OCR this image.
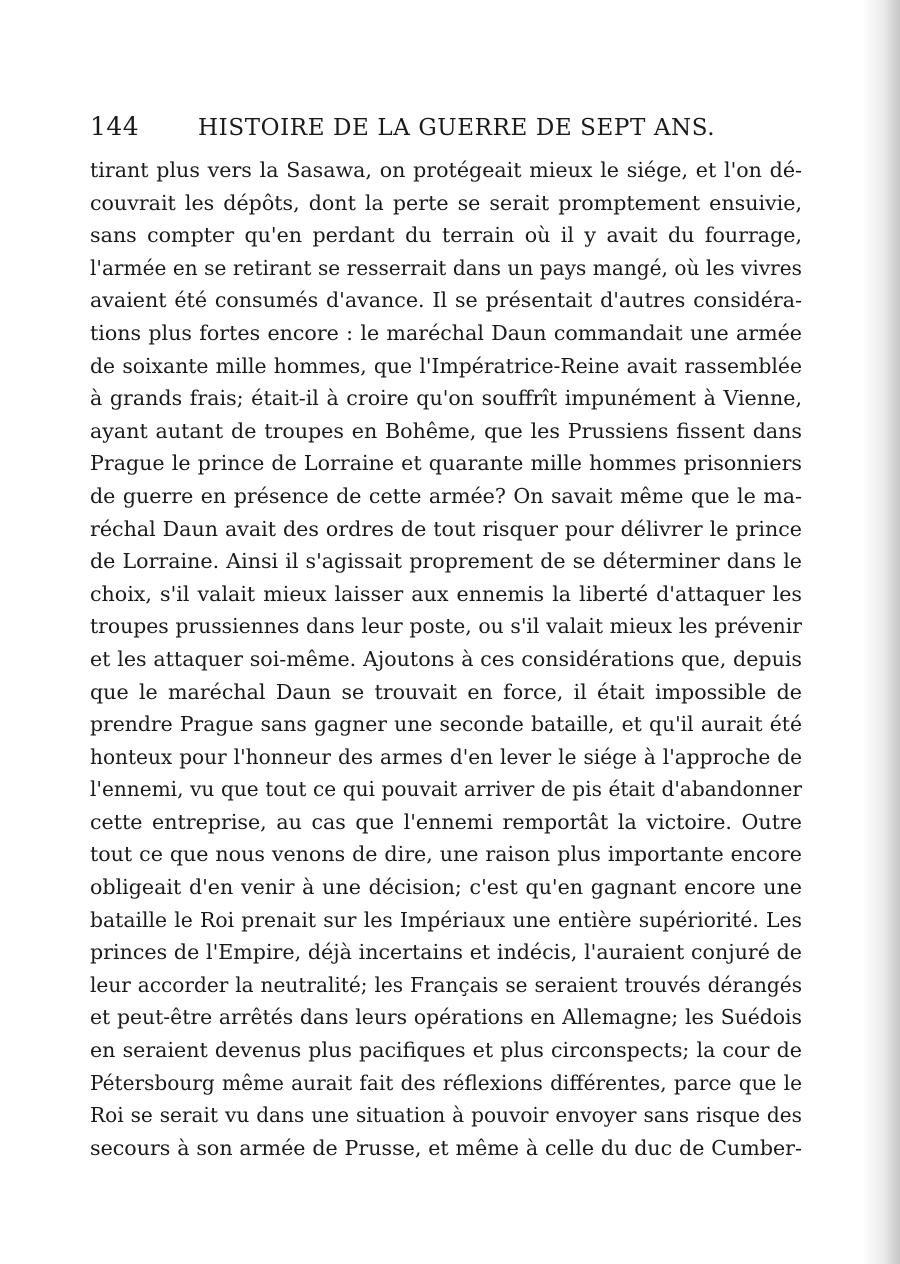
144	HISTOIRE DE LA GUERRE DE SEPT ANS.
tirant plus vers la Sasawa, on protégeait mieux le siége, et l'on dé-
couvrait les dépôts, dont la perte se serait promptement ensuivie,
sans compter qu'en perdant du terrain où il y avait du fourrage,
l'armée en se retirant se resserrait dans un pays mangé, où les vivres
avaient été consumés d'avance. Il se présentait d'autres considéra-
tions plus fortes encore : le maréchal Daun commandait une armée
de soixante mille hommes, que l'Impératrice-Reine avait rassemblée
à grands frais; était-il à croire qu'on souffrît impunément à Vienne,
ayant autant de troupes en Bohême, que les Prussiens fissent dans
Prague le prince de Lorraine et quarante mille hommes prisonniers
de guerre en présence de cette armée? On savait même que le ma-
réchal Daun avait des ordres de tout risquer pour délivrer le prince
de Lorraine. Ainsi il s'agissait proprement de se déterminer dans le
choix, s'il valait mieux laisser aux ennemis la liberté d'attaquer les
troupes prussiennes dans leur poste, ou s'il valait mieux les prévenir
et les attaquer soi-même. Ajoutons à ces considérations que, depuis
que le maréchal Daun se trouvait en force, il était impossible de
prendre Prague sans gagner une seconde bataille, et qu'il aurait été
honteux pour l'honneur des armes d'en lever le siége à l'approche de
l'ennemi, vu que tout ce qui pouvait arriver de pis était d'abandonner
cette entreprise, au cas que l'ennemi remportât la victoire. Outre
tout ce que nous venons de dire, une raison plus importante encore
obligeait d'en venir à une décision; c'est qu'en gagnant encore une
bataille le Roi prenait sur les Impériaux une entière supériorité. Les
princes de l'Empire, déjà incertains et indécis, l'auraient conjuré de
leur accorder la neutralité; les Français se seraient trouvés dérangés
et peut-être arrêtés dans leurs opérations en Allemagne; les Suédois
en seraient devenus plus pacifiques et plus circonspects; la cour de
Pétersbourg même aurait fait des réflexions différentes, parce que le
Roi se serait vu dans une situation à pouvoir envoyer sans risque des
secours à son armée de Prusse, et même à celle du duc de Cumber-
